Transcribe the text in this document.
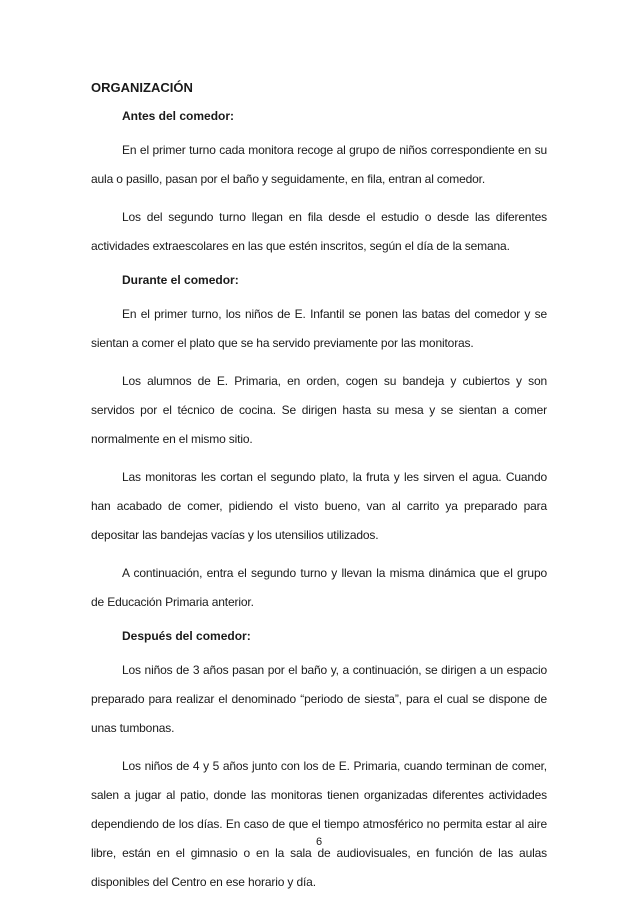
ORGANIZACIÓN

Antes del comedor:

En el primer turno cada monitora recoge al grupo de niños correspondiente en su aula o pasillo, pasan por el baño y seguidamente, en fila, entran al comedor.

Los del segundo turno llegan en fila desde el estudio o desde las diferentes actividades extraescolares en las que estén inscritos, según el día de la semana.

Durante el comedor:

En el primer turno, los niños de E. Infantil se ponen las batas del comedor y se sientan a comer el plato que se ha servido previamente por las monitoras.

Los alumnos de E. Primaria, en orden, cogen su bandeja y cubiertos y son servidos por el técnico de cocina. Se dirigen hasta su mesa y se sientan a comer normalmente en el mismo sitio.

Las monitoras les cortan el segundo plato, la fruta y les sirven el agua. Cuando han acabado de comer, pidiendo el visto bueno, van al carrito ya preparado para depositar las bandejas vacías y los utensilios utilizados.

A continuación, entra el segundo turno y llevan la misma dinámica que el grupo de Educación Primaria anterior.

Después del comedor:

Los niños de 3 años pasan por el baño y, a continuación, se dirigen a un espacio preparado para realizar el denominado “periodo de siesta”, para el cual se dispone de unas tumbonas.

Los niños de 4 y 5 años junto con los de E. Primaria, cuando terminan de comer, salen a jugar al patio, donde las monitoras tienen organizadas diferentes actividades dependiendo de los días. En caso de que el tiempo atmosférico no permita estar al aire libre, están en el gimnasio o en la sala de audiovisuales, en función de las aulas disponibles del Centro en ese horario y día.

6
